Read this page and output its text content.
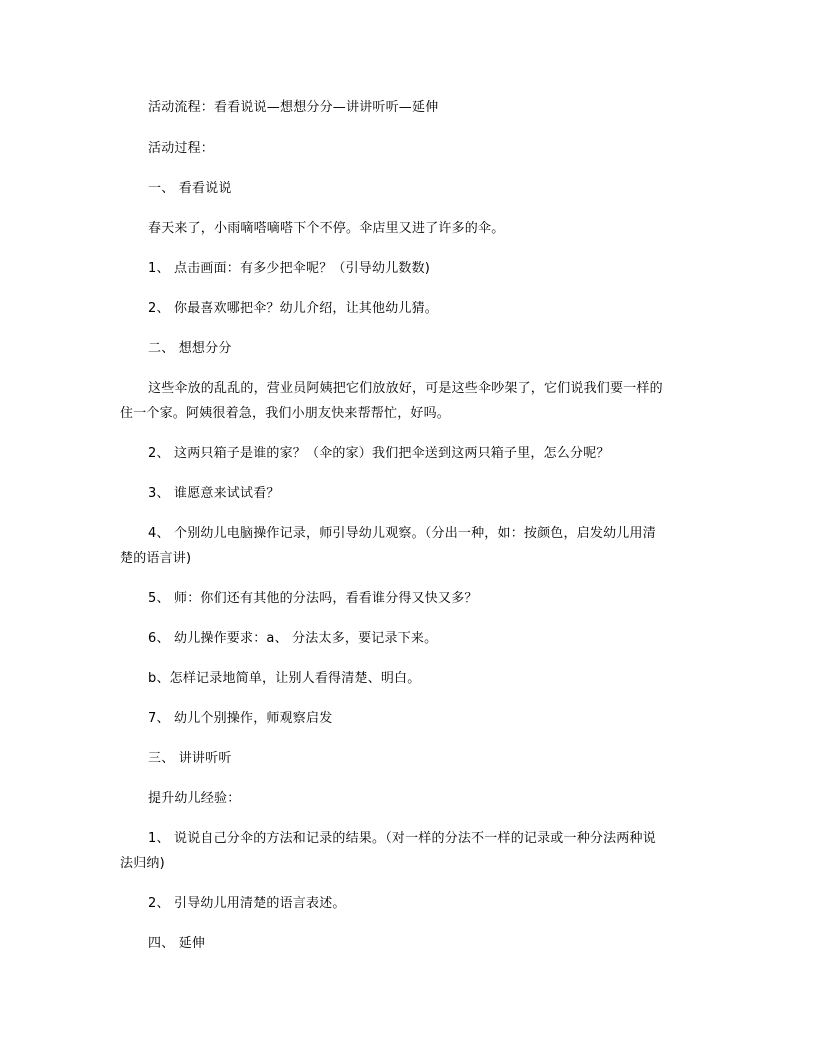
活动流程：看看说说—想想分分—讲讲听听—延伸
活动过程：
一、 看看说说
春天来了，小雨嘀嗒嘀嗒下个不停。伞店里又进了许多的伞。
1、 点击画面：有多少把伞呢？（引导幼儿数数)
2、 你最喜欢哪把伞？幼儿介绍，让其他幼儿猜。
二、 想想分分
这些伞放的乱乱的，营业员阿姨把它们放放好，可是这些伞吵架了，它们说我们要一样的
住一个家。阿姨很着急，我们小朋友快来帮帮忙，好吗。
2、 这两只箱子是谁的家？（伞的家）我们把伞送到这两只箱子里，怎么分呢？
3、 谁愿意来试试看？
4、 个别幼儿电脑操作记录，师引导幼儿观察。（分出一种，如：按颜色，启发幼儿用清
楚的语言讲)
5、 师：你们还有其他的分法吗，看看谁分得又快又多？
6、 幼儿操作要求：a、 分法太多，要记录下来。
b、怎样记录地简单，让别人看得清楚、明白。
7、 幼儿个别操作，师观察启发
三、 讲讲听听
提升幼儿经验：
1、 说说自己分伞的方法和记录的结果。（对一样的分法不一样的记录或一种分法两种说
法归纳)
2、 引导幼儿用清楚的语言表述。
四、 延伸
